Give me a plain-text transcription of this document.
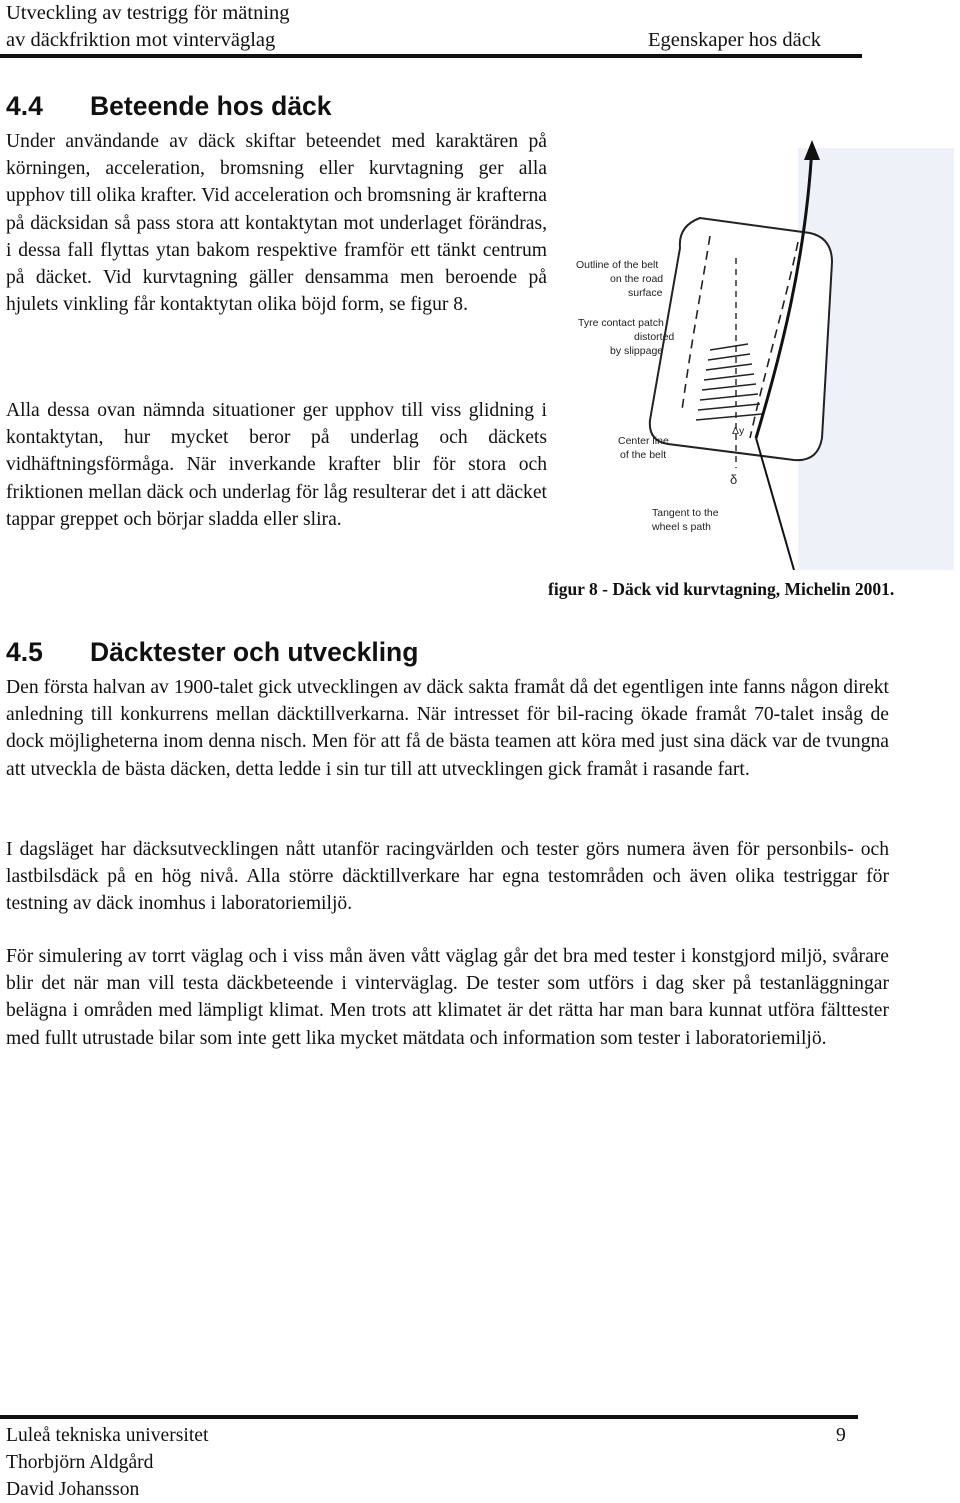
Utveckling av testrigg för mätning
av däckfriktion mot vinterväglag	Egenskaper hos däck
4.4 Beteende hos däck

Under användande av däck skiftar beteendet med karaktären på körningen, acceleration, bromsning eller kurvtagning ger alla upphov till olika krafter. Vid acceleration och bromsning är krafterna på däcksidan så pass stora att kontaktytan mot underlaget förändras, i dessa fall flyttas ytan bakom respektive framför ett tänkt centrum på däcket. Vid kurvtagning gäller densamma men beroende på hjulets vinkling får kontaktytan olika böjd form, se figur 8.

Alla dessa ovan nämnda situationer ger upphov till viss glidning i kontaktytan, hur mycket beror på underlag och däckets vidhäftningsförmåga. När inverkande krafter blir för stora och friktionen mellan däck och underlag för låg resulterar det i att däcket tappar greppet och börjar sladda eller slira.

Outline of the belt
on the road
surface
Tyre contact patch
distorted
by slippage
Center line
of the belt
Tangent to the
wheel s path
Δy
δ
figur 8 - Däck vid kurvtagning, Michelin 2001.
4.5 Däcktester och utveckling

Den första halvan av 1900-talet gick utvecklingen av däck sakta framåt då det egentligen inte fanns någon direkt anledning till konkurrens mellan däcktillverkarna. När intresset för bil-racing ökade framåt 70-talet insåg de dock möjligheterna inom denna nisch. Men för att få de bästa teamen att köra med just sina däck var de tvungna att utveckla de bästa däcken, detta ledde i sin tur till att utvecklingen gick framåt i rasande fart.

I dagsläget har däcksutvecklingen nått utanför racingvärlden och tester görs numera även för personbils- och lastbilsdäck på en hög nivå. Alla större däcktillverkare har egna testområden och även olika testriggar för testning av däck inomhus i laboratoriemiljö.

För simulering av torrt väglag och i viss mån även vått väglag går det bra med tester i konstgjord miljö, svårare blir det när man vill testa däckbeteende i vinterväglag. De tester som utförs i dag sker på testanläggningar belägna i områden med lämpligt klimat. Men trots att klimatet är det rätta har man bara kunnat utföra fälttester med fullt utrustade bilar som inte gett lika mycket mätdata och information som tester i laboratoriemiljö.

Luleå tekniska universitet	9
Thorbjörn Aldgård
David Johansson
